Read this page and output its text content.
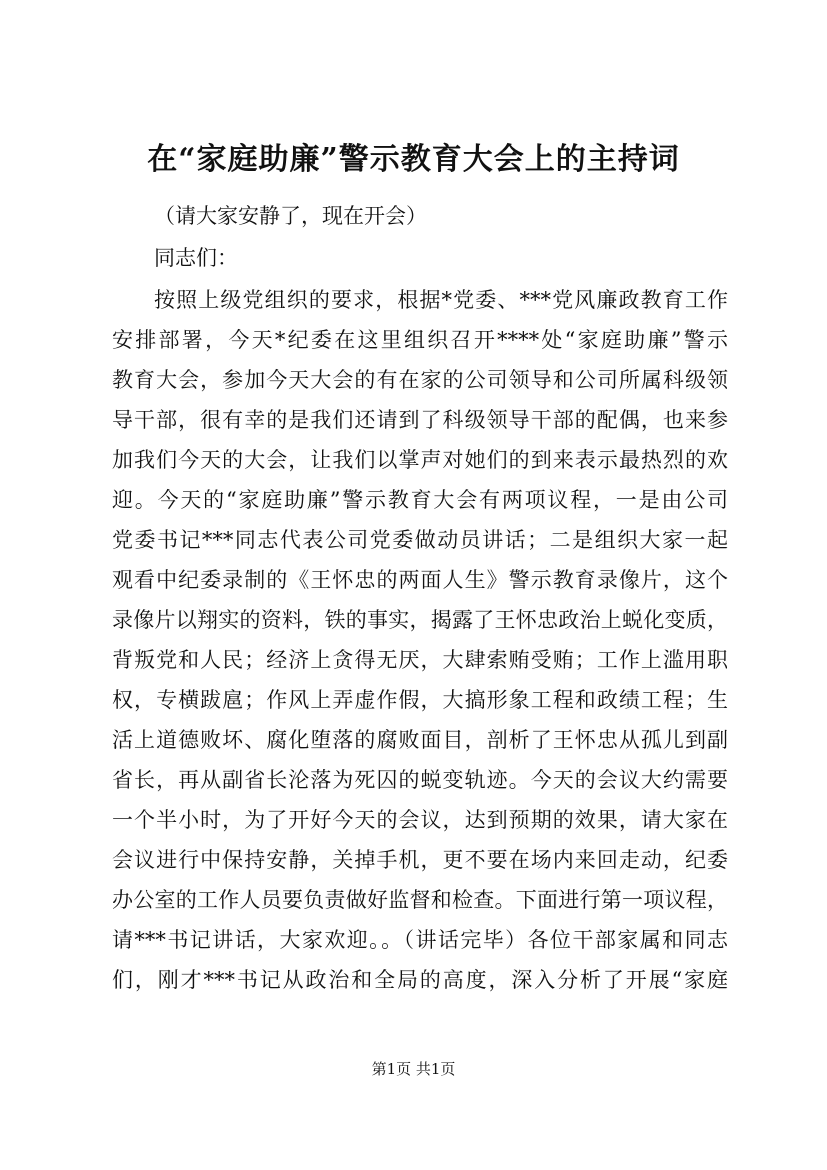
在“家庭助廉”警示教育大会上的主持词
（请大家安静了，现在开会）
同志们：
按照上级党组织的要求，根据*党委、***党风廉政教育工作
安排部署，今天*纪委在这里组织召开****处“家庭助廉”警示
教育大会，参加今天大会的有在家的公司领导和公司所属科级领
导干部，很有幸的是我们还请到了科级领导干部的配偶，也来参
加我们今天的大会，让我们以掌声对她们的到来表示最热烈的欢
迎。今天的“家庭助廉”警示教育大会有两项议程，一是由公司
党委书记***同志代表公司党委做动员讲话；二是组织大家一起
观看中纪委录制的《王怀忠的两面人生》警示教育录像片，这个
录像片以翔实的资料，铁的事实，揭露了王怀忠政治上蜕化变质，
背叛党和人民；经济上贪得无厌，大肆索贿受贿；工作上滥用职
权，专横跋扈；作风上弄虚作假，大搞形象工程和政绩工程；生
活上道德败坏、腐化堕落的腐败面目，剖析了王怀忠从孤儿到副
省长，再从副省长沦落为死囚的蜕变轨迹。今天的会议大约需要
一个半小时，为了开好今天的会议，达到预期的效果，请大家在
会议进行中保持安静，关掉手机，更不要在场内来回走动，纪委
办公室的工作人员要负责做好监督和检查。下面进行第一项议程，
请***书记讲话，大家欢迎。。（讲话完毕）各位干部家属和同志
们，刚才***书记从政治和全局的高度，深入分析了开展“家庭
第1页 共1页
